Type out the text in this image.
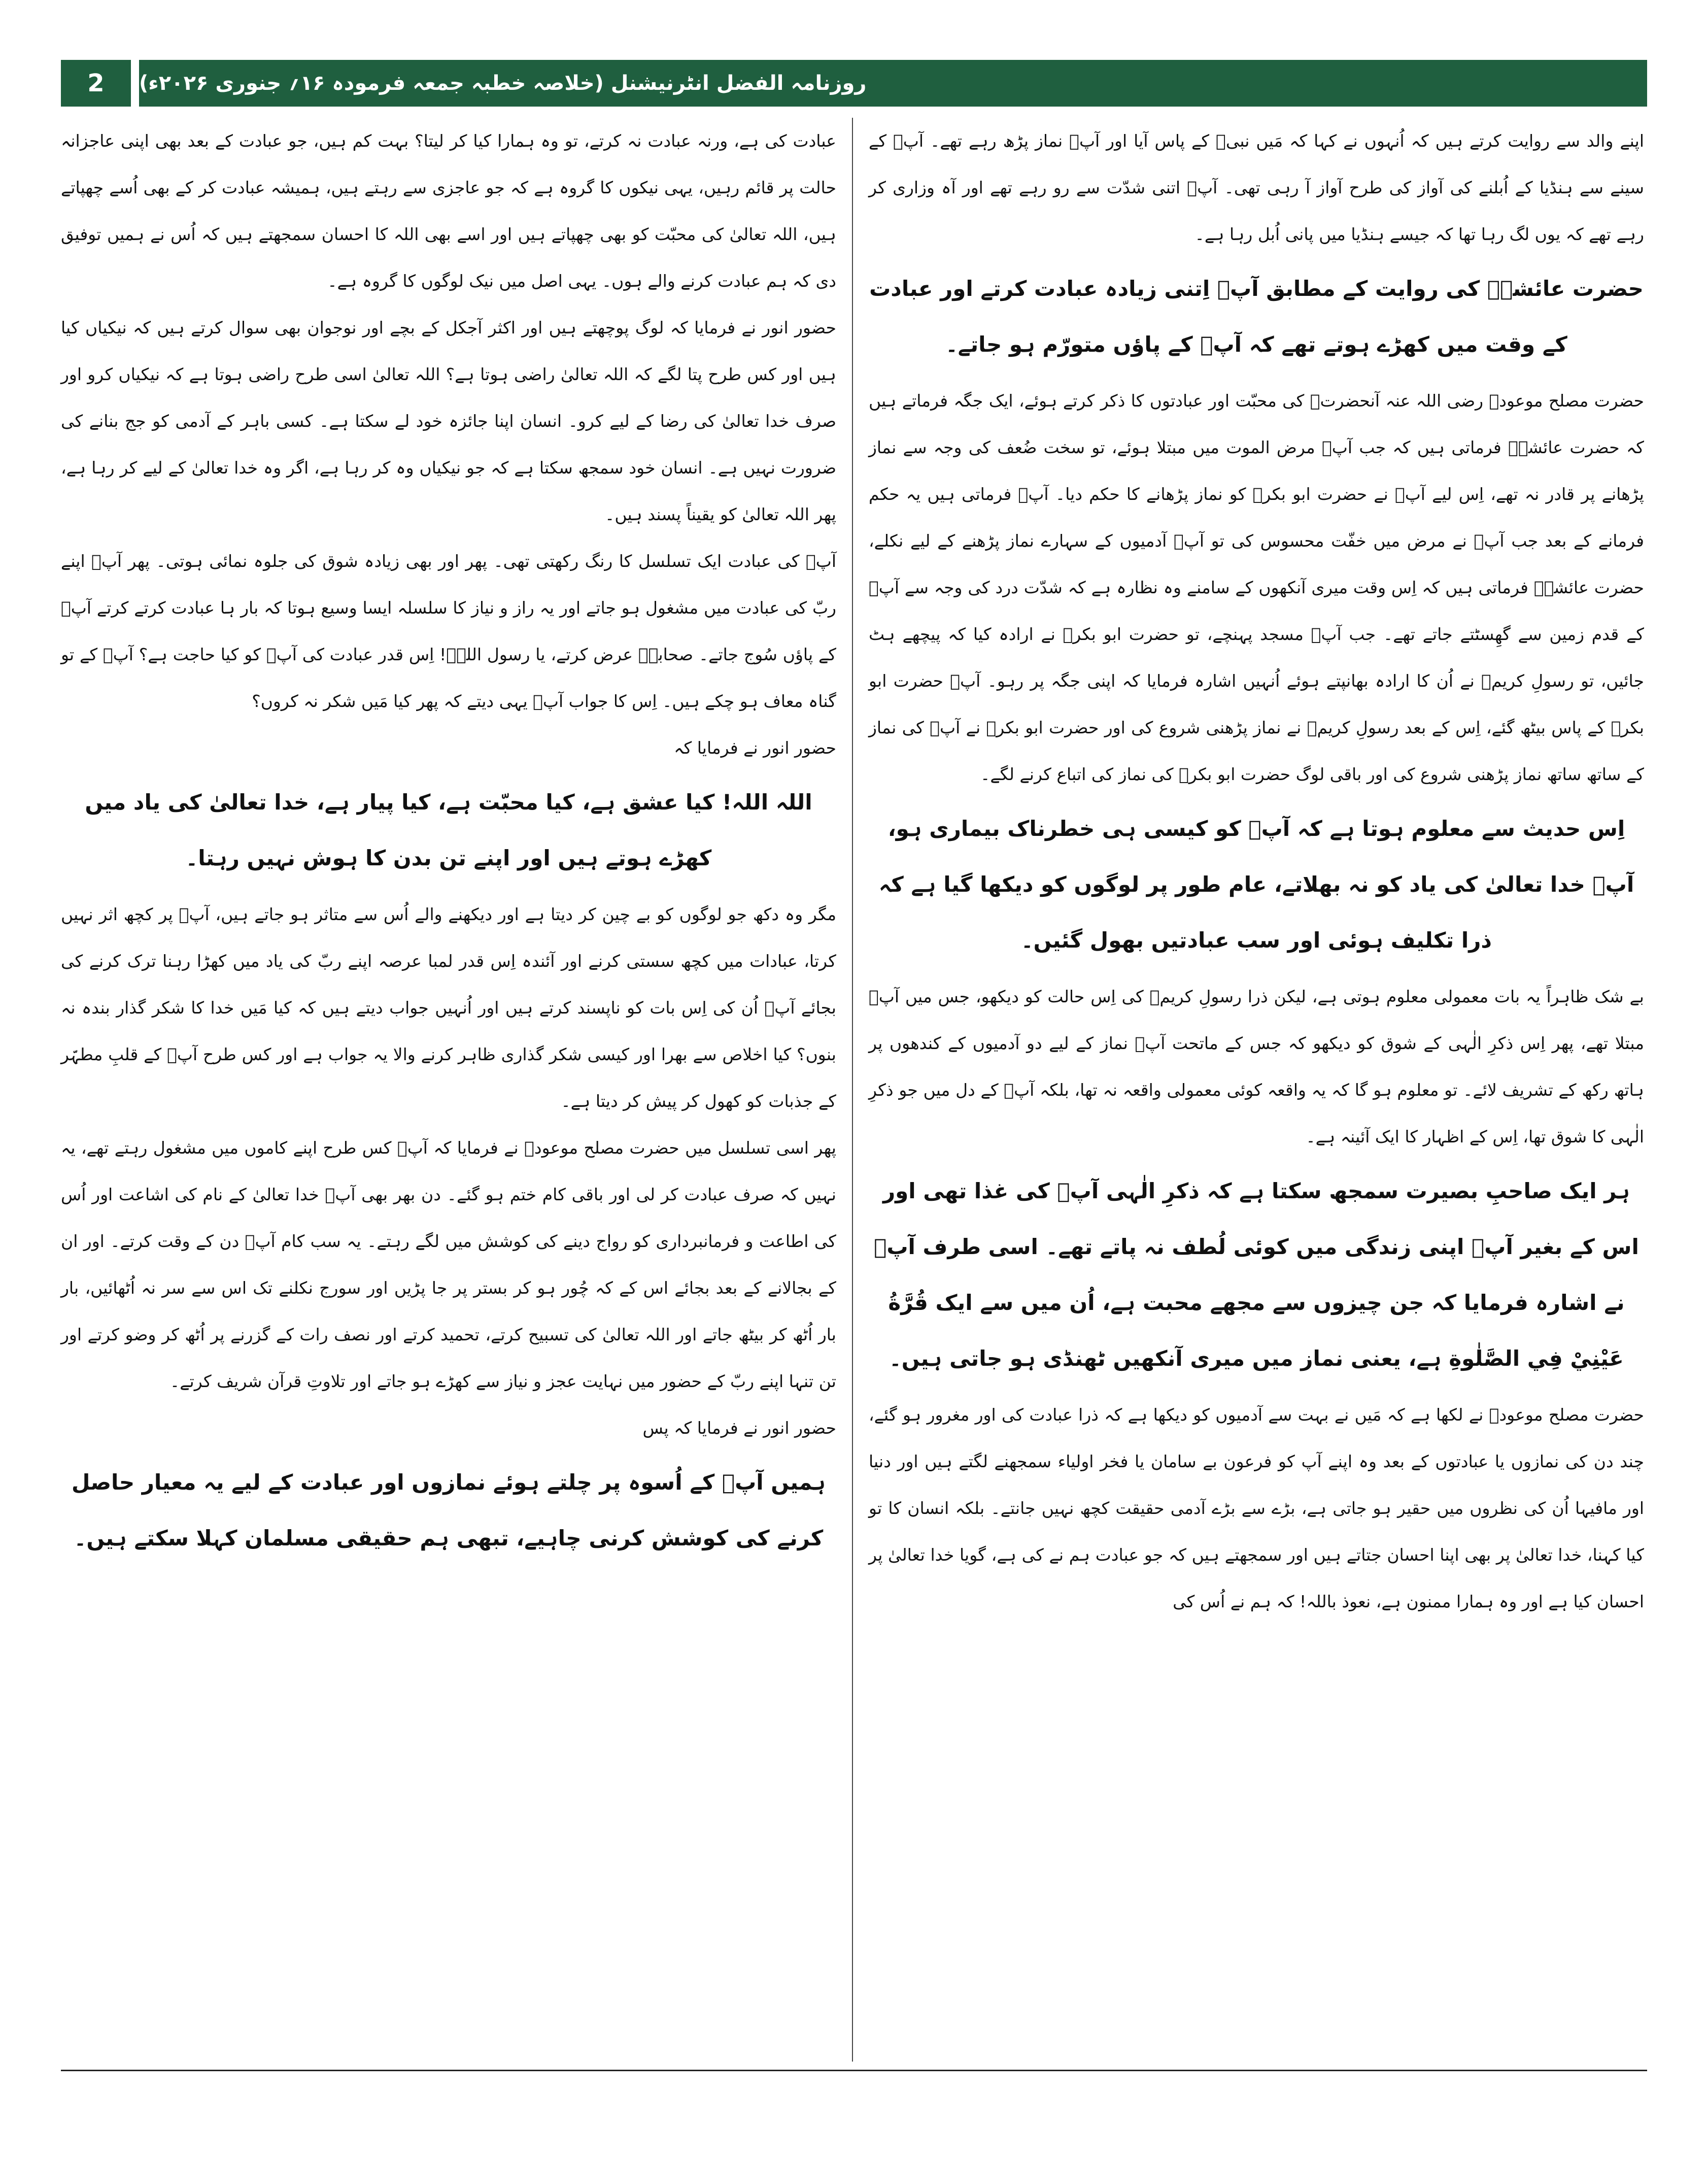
2	روزنامہ الفضل انٹرنیشنل (خلاصہ خطبہ جمعہ فرمودہ ۱۶؍ جنوری ۲۰۲۶ء)

اپنے والد سے روایت کرتے ہیں کہ اُنہوں نے کہا کہ مَیں نبیؐ کے پاس آیا اور آپؐ نماز پڑھ رہے تھے۔ آپؐ کے سینے سے ہنڈیا کے اُبلنے کی آواز کی طرح آواز آ رہی تھی۔ آپؐ اتنی شدّت سے رو رہے تھے اور آہ وزاری کر رہے تھے کہ یوں لگ رہا تھا کہ جیسے ہنڈیا میں پانی اُبل رہا ہے۔

حضرت عائشہؓ کی روایت کے مطابق آپؐ اِتنی زیادہ عبادت کرتے اور عبادت کے وقت میں کھڑے ہوتے تھے کہ آپؐ کے پاؤں متورّم ہو جاتے۔

حضرت مصلح موعودؓ رضی اللہ عنہ آنحضرتؐ کی محبّت اور عبادتوں کا ذکر کرتے ہوئے، ایک جگہ فرماتے ہیں کہ حضرت عائشہؓ فرماتی ہیں کہ جب آپؐ مرض الموت میں مبتلا ہوئے، تو سخت ضُعف کی وجہ سے نماز پڑھانے پر قادر نہ تھے، اِس لیے آپؐ نے حضرت ابو بکرؓ کو نماز پڑھانے کا حکم دیا۔ آپؓ فرماتی ہیں یہ حکم فرمانے کے بعد جب آپؐ نے مرض میں خفّت محسوس کی تو آپؐ آدمیوں کے سہارے نماز پڑھنے کے لیے نکلے، حضرت عائشہؓ فرماتی ہیں کہ اِس وقت میری آنکھوں کے سامنے وہ نظارہ ہے کہ شدّت درد کی وجہ سے آپؐ کے قدم زمین سے گھِسٹتے جاتے تھے۔ جب آپؐ مسجد پہنچے، تو حضرت ابو بکرؓ نے ارادہ کیا کہ پیچھے ہٹ جائیں، تو رسولِ کریمؐ نے اُن کا ارادہ بھانپتے ہوئے اُنہیں اشارہ فرمایا کہ اپنی جگہ پر رہو۔ آپؐ حضرت ابو بکرؓ کے پاس بیٹھ گئے، اِس کے بعد رسولِ کریمؐ نے نماز پڑھنی شروع کی اور حضرت ابو بکرؓ نے آپؐ کی نماز کے ساتھ ساتھ نماز پڑھنی شروع کی اور باقی لوگ حضرت ابو بکرؓ کی نماز کی اتباع کرنے لگے۔

اِس حدیث سے معلوم ہوتا ہے کہ آپؐ کو کیسی ہی خطرناک بیماری ہو، آپؐ خدا تعالیٰ کی یاد کو نہ بھلاتے، عام طور پر لوگوں کو دیکھا گیا ہے کہ ذرا تکلیف ہوئی اور سب عبادتیں بھول گئیں۔

بے شک ظاہراً یہ بات معمولی معلوم ہوتی ہے، لیکن ذرا رسولِ کریمؐ کی اِس حالت کو دیکھو، جس میں آپؐ مبتلا تھے، پھر اِس ذکرِ الٰہی کے شوق کو دیکھو کہ جس کے ماتحت آپؐ نماز کے لیے دو آدمیوں کے کندھوں پر ہاتھ رکھ کے تشریف لائے۔ تو معلوم ہو گا کہ یہ واقعہ کوئی معمولی واقعہ نہ تھا، بلکہ آپؐ کے دل میں جو ذکرِ الٰہی کا شوق تھا، اِس کے اظہار کا ایک آئینہ ہے۔

ہر ایک صاحبِ بصیرت سمجھ سکتا ہے کہ ذکرِ الٰہی آپؐ کی غذا تھی اور اس کے بغیر آپؐ اپنی زندگی میں کوئی لُطف نہ پاتے تھے۔ اسی طرف آپؐ نے اشارہ فرمایا کہ جن چیزوں سے مجھے محبت ہے، اُن میں سے ایک قُرَّةُ عَيْنِيْ فِي الصَّلٰوةِ ہے، یعنی نماز میں میری آنکھیں ٹھنڈی ہو جاتی ہیں۔

حضرت مصلح موعودؓ نے لکھا ہے کہ مَیں نے بہت سے آدمیوں کو دیکھا ہے کہ ذرا عبادت کی اور مغرور ہو گئے، چند دن کی نمازوں یا عبادتوں کے بعد وہ اپنے آپ کو فرعون بے سامان یا فخر اولیاء سمجھنے لگتے ہیں اور دنیا اور مافیہا اُن کی نظروں میں حقیر ہو جاتی ہے، بڑے سے بڑے آدمی حقیقت کچھ نہیں جانتے۔ بلکہ انسان کا تو کیا کہنا، خدا تعالیٰ پر بھی اپنا احسان جتاتے ہیں اور سمجھتے ہیں کہ جو عبادت ہم نے کی ہے، گویا خدا تعالیٰ پر احسان کیا ہے اور وہ ہمارا ممنون ہے، نعوذ باللہ! کہ ہم نے اُس کی

عبادت کی ہے، ورنہ عبادت نہ کرتے، تو وہ ہمارا کیا کر لیتا؟ بہت کم ہیں، جو عبادت کے بعد بھی اپنی عاجزانہ حالت پر قائم رہیں، یہی نیکوں کا گروہ ہے کہ جو عاجزی سے رہتے ہیں، ہمیشہ عبادت کر کے بھی اُسے چھپاتے ہیں، اللہ تعالیٰ کی محبّت کو بھی چھپاتے ہیں اور اسے بھی اللہ کا احسان سمجھتے ہیں کہ اُس نے ہمیں توفیق دی کہ ہم عبادت کرنے والے ہوں۔ یہی اصل میں نیک لوگوں کا گروہ ہے۔

حضور انور نے فرمایا کہ لوگ پوچھتے ہیں اور اکثر آجکل کے بچے اور نوجوان بھی سوال کرتے ہیں کہ نیکیاں کیا ہیں اور کس طرح پتا لگے کہ اللہ تعالیٰ راضی ہوتا ہے؟ اللہ تعالیٰ اسی طرح راضی ہوتا ہے کہ نیکیاں کرو اور صرف خدا تعالیٰ کی رضا کے لیے کرو۔ انسان اپنا جائزہ خود لے سکتا ہے۔ کسی باہر کے آدمی کو جج بنانے کی ضرورت نہیں ہے۔ انسان خود سمجھ سکتا ہے کہ جو نیکیاں وہ کر رہا ہے، اگر وہ خدا تعالیٰ کے لیے کر رہا ہے، پھر اللہ تعالیٰ کو یقیناً پسند ہیں۔

آپؐ کی عبادت ایک تسلسل کا رنگ رکھتی تھی۔ پھر اور بھی زیادہ شوق کی جلوہ نمائی ہوتی۔ پھر آپؐ اپنے ربّ کی عبادت میں مشغول ہو جاتے اور یہ راز و نیاز کا سلسلہ ایسا وسیع ہوتا کہ بار ہا عبادت کرتے کرتے آپؐ کے پاؤں سُوج جاتے۔ صحابہؓ عرض کرتے، یا رسول اللہؐ! اِس قدر عبادت کی آپؐ کو کیا حاجت ہے؟ آپؐ کے تو گناہ معاف ہو چکے ہیں۔ اِس کا جواب آپؐ یہی دیتے کہ پھر کیا مَیں شکر نہ کروں؟

حضور انور نے فرمایا کہ

اللہ اللہ! کیا عشق ہے، کیا محبّت ہے، کیا پیار ہے، خدا تعالیٰ کی یاد میں کھڑے ہوتے ہیں اور اپنے تن بدن کا ہوش نہیں رہتا۔

مگر وہ دکھ جو لوگوں کو بے چین کر دیتا ہے اور دیکھنے والے اُس سے متاثر ہو جاتے ہیں، آپؐ پر کچھ اثر نہیں کرتا، عبادات میں کچھ سستی کرنے اور آئندہ اِس قدر لمبا عرصہ اپنے ربّ کی یاد میں کھڑا رہنا ترک کرنے کی بجائے آپؐ اُن کی اِس بات کو ناپسند کرتے ہیں اور اُنہیں جواب دیتے ہیں کہ کیا مَیں خدا کا شکر گذار بندہ نہ بنوں؟ کیا اخلاص سے بھرا اور کیسی شکر گذاری ظاہر کرنے والا یہ جواب ہے اور کس طرح آپؐ کے قلبِ مطہّر کے جذبات کو کھول کر پیش کر دیتا ہے۔

پھر اسی تسلسل میں حضرت مصلح موعودؓ نے فرمایا کہ آپؐ کس طرح اپنے کاموں میں مشغول رہتے تھے، یہ نہیں کہ صرف عبادت کر لی اور باقی کام ختم ہو گئے۔ دن بھر بھی آپؐ خدا تعالیٰ کے نام کی اشاعت اور اُس کی اطاعت و فرمانبرداری کو رواج دینے کی کوشش میں لگے رہتے۔ یہ سب کام آپؐ دن کے وقت کرتے۔ اور ان کے بجالانے کے بعد بجائے اس کے کہ چُور ہو کر بستر پر جا پڑیں اور سورج نکلنے تک اس سے سر نہ اُٹھائیں، بار بار اُٹھ کر بیٹھ جاتے اور اللہ تعالیٰ کی تسبیح کرتے، تحمید کرتے اور نصف رات کے گزرنے پر اُٹھ کر وضو کرتے اور تن تنہا اپنے ربّ کے حضور میں نہایت عجز و نیاز سے کھڑے ہو جاتے اور تلاوتِ قرآن شریف کرتے۔

حضور انور نے فرمایا کہ پس

ہمیں آپؐ کے اُسوہ پر چلتے ہوئے نمازوں اور عبادت کے لیے یہ معیار حاصل کرنے کی کوشش کرنی چاہیے، تبھی ہم حقیقی مسلمان کہلا سکتے ہیں۔
